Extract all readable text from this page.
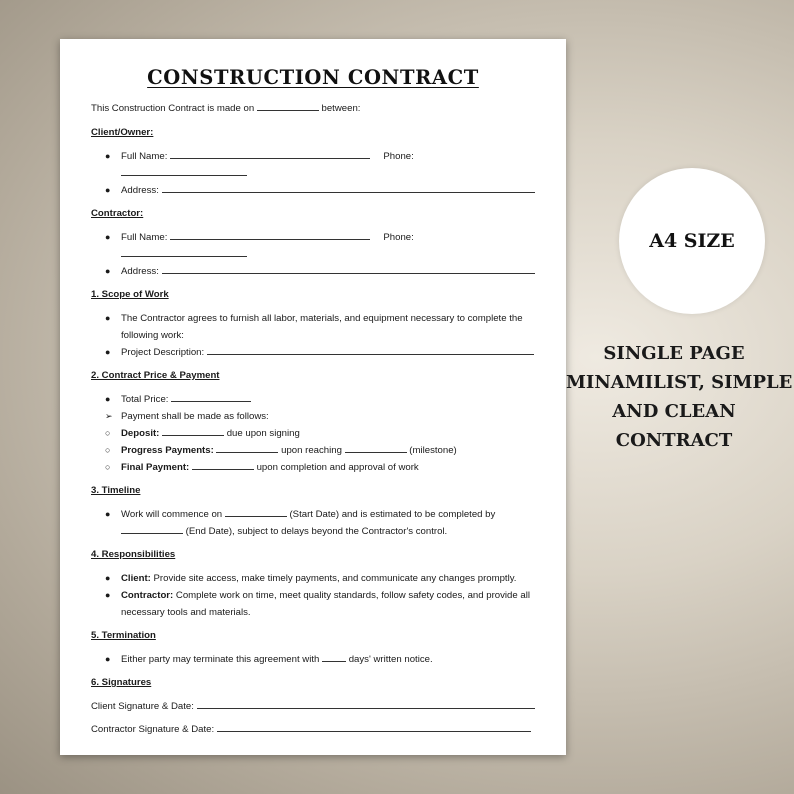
CONSTRUCTION CONTRACT

This Construction Contract is made on	between:

Client/Owner:

● Full Name:	Phone:
● Address:

Contractor:

● Full Name:	Phone:
● Address:

1. Scope of Work

● The Contractor agrees to furnish all labor, materials, and equipment necessary to complete the following work:
● Project Description:

2. Contract Price & Payment

● Total Price:
➢ Payment shall be made as follows:
○ Deposit:	due upon signing
○ Progress Payments:	upon reaching	(milestone)
○ Final Payment:	upon completion and approval of work

3. Timeline

● Work will commence on	(Start Date) and is estimated to be completed by  (End Date), subject to delays beyond the Contractor's control.

4. Responsibilities

● Client: Provide site access, make timely payments, and communicate any changes promptly.
● Contractor: Complete work on time, meet quality standards, follow safety codes, and provide all necessary tools and materials.

5. Termination

● Either party may terminate this agreement with	days' written notice.

6. Signatures

Client Signature & Date:

Contractor Signature & Date:

A4 SIZE
SINGLE PAGE
MINAMILIST, SIMPLE
AND CLEAN
CONTRACT
